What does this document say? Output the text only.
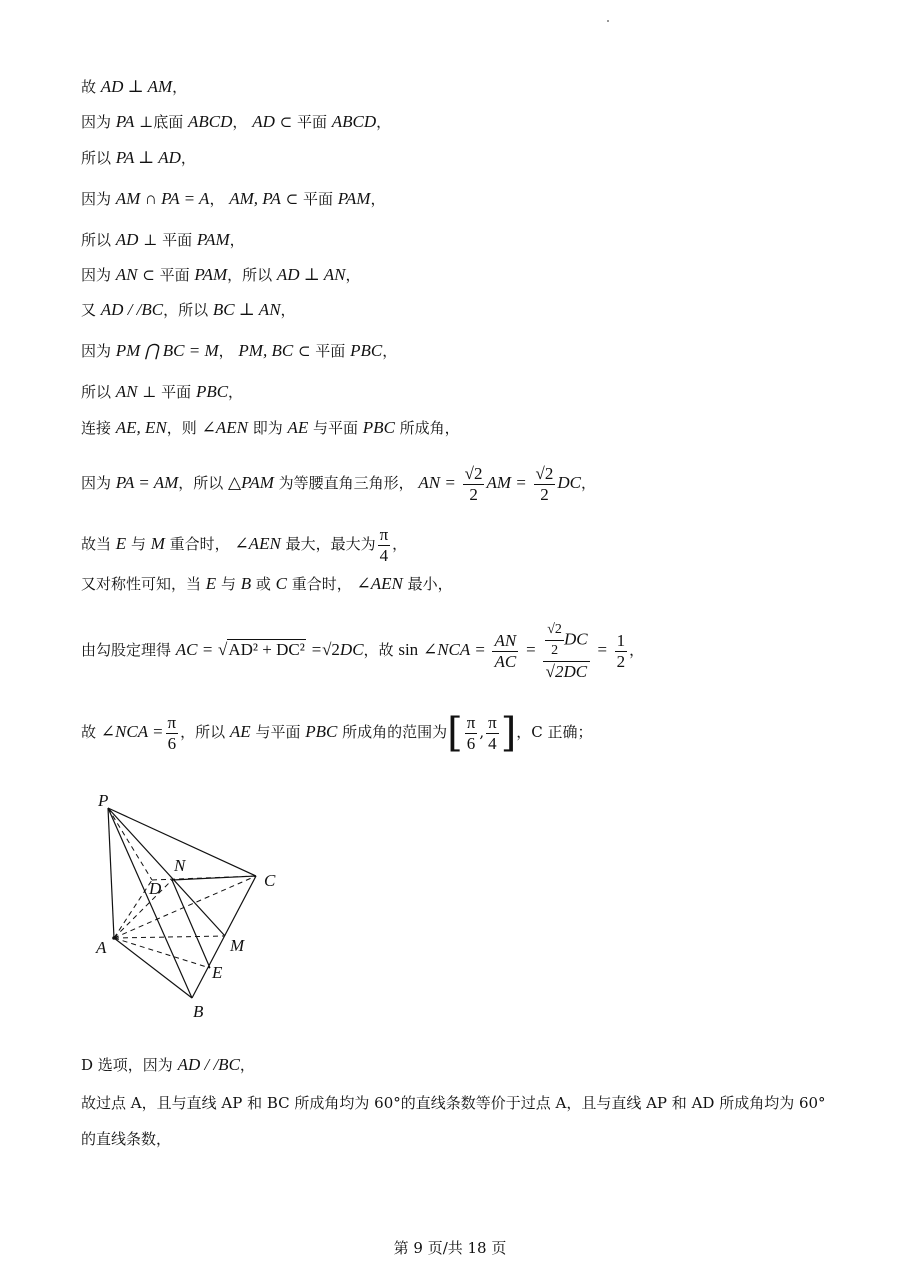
故 AD ⊥ AM，
因为 PA ⊥底面 ABCD， AD ⊂ 平面 ABCD，
所以 PA ⊥ AD，
因为 AM ∩ PA = A， AM, PA ⊂ 平面 PAM，
所以 AD ⊥ 平面 PAM，
因为 AN ⊂ 平面 PAM，所以 AD ⊥ AN，
又 AD / /BC，所以 BC ⊥ AN，
因为 PM ⋂ BC = M， PM, BC ⊂ 平面 PBC，
所以 AN ⊥ 平面 PBC，
连接 AE, EN，则 ∠AEN 即为 AE 与平面 PBC 所成角，
因为 PA = AM，所以 △PAM 为等腰直角三角形， AN = $\frac{√2}{2}$ AM = $\frac{√2}{2}$ DC，
故当 E 与 M 重合时， ∠AEN 最大，最大为 $\frac{\pi}{4}$ ，
又对称性可知，当 E 与 B 或 C 重合时， ∠AEN 最小，
由勾股定理得 AC = √AD² + DC² =√2DC，故 sin ∠NCA = $\frac{AN}{AC} = \frac{\frac{√2}{2} DC}{√2DC} = \frac{1}{2}$ ，
故 ∠NCA = $\frac{\pi}{6}$ ，所以 AE 与平面 PBC 所成角的范围为[ $\frac{\pi}{6}$ , $\frac{\pi}{4}$ ]，C 正确；
P
N
D	C
A	M
E
B
D 选项，因为 AD / /BC，
故过点 A，且与直线 AP 和 BC 所成角均为 60°的直线条数等价于过点 A，且与直线 AP 和 AD 所成角均为 60°
的直线条数，
第 9 页/共 18 页
